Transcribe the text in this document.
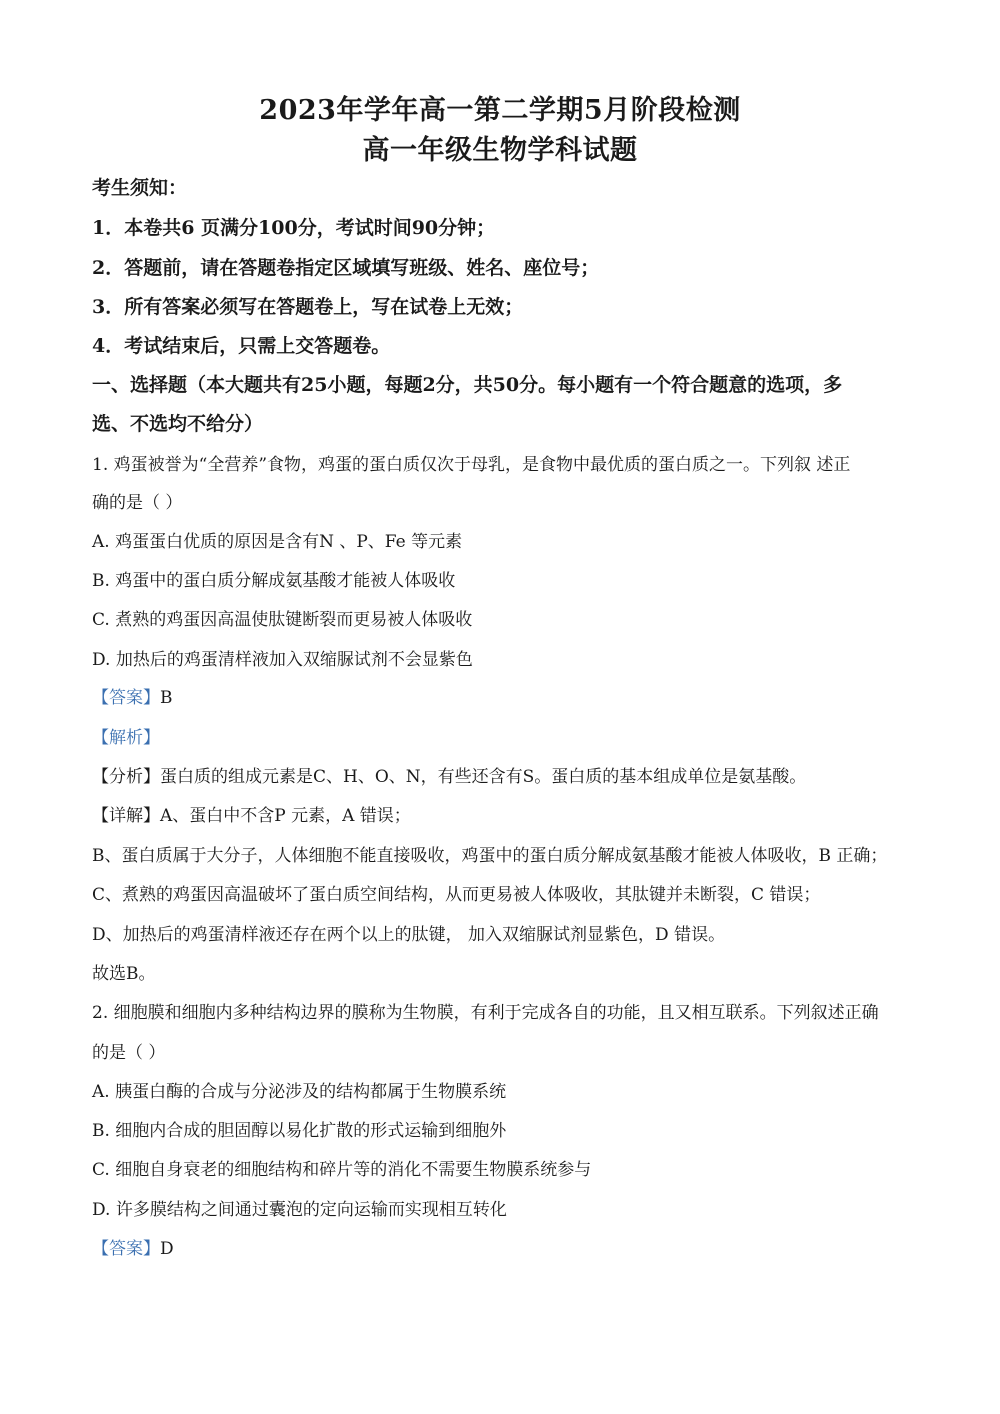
2023年学年高一第二学期5月阶段检测
高一年级生物学科试题
考生须知：
1．本卷共6 页满分100分，考试时间90分钟；
2．答题前，请在答题卷指定区域填写班级、姓名、座位号；
3．所有答案必须写在答题卷上，写在试卷上无效；
4．考试结束后，只需上交答题卷。
一、选择题（本大题共有25小题，每题2分，共50分。每小题有一个符合题意的选项，多
选、不选均不给分）
1. 鸡蛋被誉为“全营养”食物，鸡蛋的蛋白质仅次于母乳，是食物中最优质的蛋白质之一。下列叙 述正
确的是（ ）
A. 鸡蛋蛋白优质的原因是含有N 、P、Fe 等元素
B. 鸡蛋中的蛋白质分解成氨基酸才能被人体吸收
C. 煮熟的鸡蛋因高温使肽键断裂而更易被人体吸收
D. 加热后的鸡蛋清样液加入双缩脲试剂不会显紫色
【答案】B
【解析】
【分析】蛋白质的组成元素是C、H、O、N，有些还含有S。蛋白质的基本组成单位是氨基酸。
【详解】A、蛋白中不含P 元素，A 错误；
B、蛋白质属于大分子，人体细胞不能直接吸收，鸡蛋中的蛋白质分解成氨基酸才能被人体吸收，B 正确；
C、煮熟的鸡蛋因高温破坏了蛋白质空间结构，从而更易被人体吸收，其肽键并未断裂，C 错误；
D、加热后的鸡蛋清样液还存在两个以上的肽键， 加入双缩脲试剂显紫色，D 错误。
故选B。
2. 细胞膜和细胞内多种结构边界的膜称为生物膜，有利于完成各自的功能，且又相互联系。下列叙述正确
的是（ ）
A. 胰蛋白酶的合成与分泌涉及的结构都属于生物膜系统
B. 细胞内合成的胆固醇以易化扩散的形式运输到细胞外
C. 细胞自身衰老的细胞结构和碎片等的消化不需要生物膜系统参与
D. 许多膜结构之间通过囊泡的定向运输而实现相互转化
【答案】D
